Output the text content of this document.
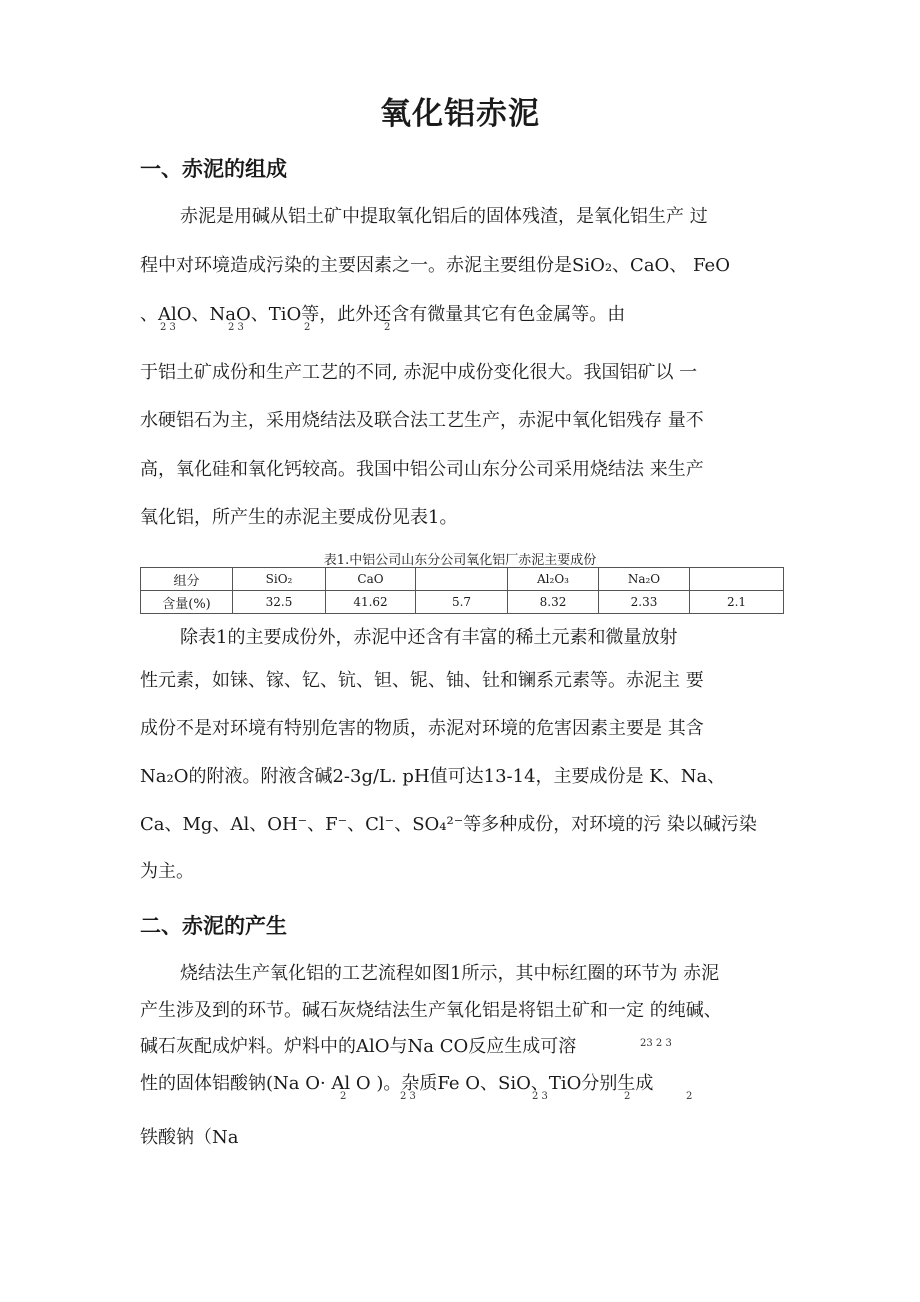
氧化铝赤泥
一、赤泥的组成
赤泥是用碱从铝土矿中提取氧化铝后的固体残渣，是氧化铝生产 过
程中对环境造成污染的主要因素之一。赤泥主要组份是SiO₂、CaO、 FeO
、AlO、NaO、TiO等，此外还含有微量其它有色金属等。由
2 3	2 3	2	2
于铝土矿成份和生产工艺的不同, 赤泥中成份变化很大。我国铝矿以 一
水硬铝石为主，采用烧结法及联合法工艺生产，赤泥中氧化铝残存 量不
高，氧化硅和氧化钙较高。我国中铝公司山东分公司采用烧结法 来生产
氧化铝，所产生的赤泥主要成份见表1。
表1.中铝公司山东分公司氧化铝厂赤泥主要成份
组分	SiO₂	CaO		Al₂O₃	Na₂O	
含量(%)	32.5	41.62	5.7	8.32	2.33	2.1
除表1的主要成份外，赤泥中还含有丰富的稀土元素和微量放射
性元素，如铼、镓、钇、钪、钽、铌、铀、钍和镧系元素等。赤泥主 要
成份不是对环境有特别危害的物质，赤泥对环境的危害因素主要是 其含
Na₂O的附液。附液含碱2-3g/L. pH值可达13-14，主要成份是 K、Na、
Ca、Mg、Al、OH⁻、F⁻、Cl⁻、SO₄²⁻等多种成份，对环境的污 染以碱污染
为主。
二、赤泥的产生
烧结法生产氧化铝的工艺流程如图1所示，其中标红圈的环节为 赤泥
产生涉及到的环节。碱石灰烧结法生产氧化铝是将铝土矿和一定 的纯碱、
碱石灰配成炉料。炉料中的AlO与Na CO反应生成可溶	23 2 3
性的固体铝酸钠(Na O· Al O )。杂质Fe O、SiO、TiO分别生成
2	2 3	2 3	2	2
铁酸钠（Na
